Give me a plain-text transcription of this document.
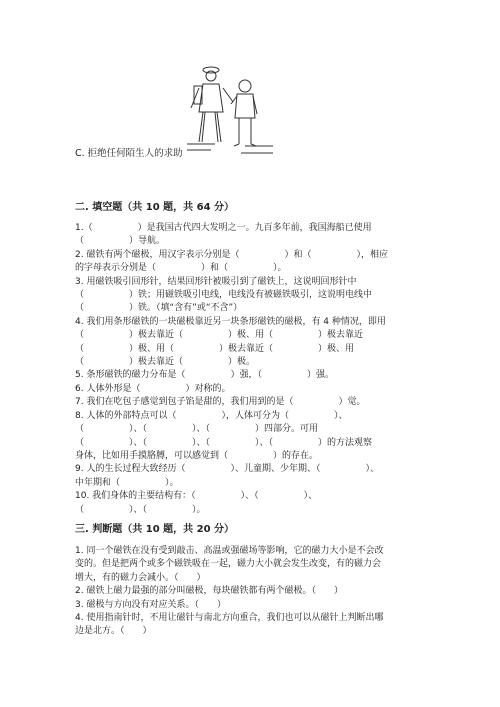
C. 拒绝任何陌生人的求助
二. 填空题（共 10 题，共 64 分）
1.（　　　　　）是我国古代四大发明之一。九百多年前，我国海船已使用
（　　　　　）导航。
2. 磁铁有两个磁极，用汉字表示分别是（　　　　　）和（　　　　　），相应
的字母表示分别是（　　　　　）和（　　　　　）。
3. 用磁铁吸引回形针，结果回形针被吸引到了磁铁上，这说明回形针中
（　　　　　）铁；用磁铁吸引电线，电线没有被磁铁吸引，这说明电线中
（　　　　　）铁。（填“含有”或“不含”）
4. 我们用条形磁铁的一块磁极靠近另一块条形磁铁的磁极，有 4 种情况，即用
（　　　　　）极去靠近（　　　　　）极、用（　　　　　）极去靠近
（　　　　　）极、用（　　　　　）极去靠近（　　　　　）极、用
（　　　　　）极去靠近（　　　　　）极。
5. 条形磁铁的磁力分布是（　　　　　）强，（　　　　　）强。
6. 人体外形是（　　　　　）对称的。
7. 我们在吃包子感觉到包子馅是甜的，我们用到的是（　　　　　）觉。
8. 人体的外部特点可以（　　　　　），人体可分为（　　　　　）、
（　　　　　）、（　　　　　）、（　　　　　）四部分。可用
（　　　　　）、（　　　　　）、（　　　　　）、（　　　　　）的方法观察
身体，比如用手摸胳膊，可以感觉到（　　　　　）的存在。
9. 人的生长过程大致经历（　　　　　）、儿童期、少年期、（　　　　　）、
中年期和（　　　　　）。
10. 我们身体的主要结构有：（　　　　　）、（　　　　　）、
（　　　　　）、（　　　　　）。
三. 判断题（共 10 题，共 20 分）
1. 同一个磁铁在没有受到敲击、高温或强磁场等影响，它的磁力大小是不会改
变的。但是把两个或多个磁铁吸在一起，磁力大小就会发生改变，有的磁力会
增大，有的磁力会减小。（　　）
2. 磁铁上磁力最强的部分叫磁极，每块磁铁都有两个磁极。（　　）
3. 磁极与方向没有对应关系。（　　）
4. 使用指南针时，不用让磁针与南北方向重合，我们也可以从磁针上判断出哪
边是北方。（　　）
